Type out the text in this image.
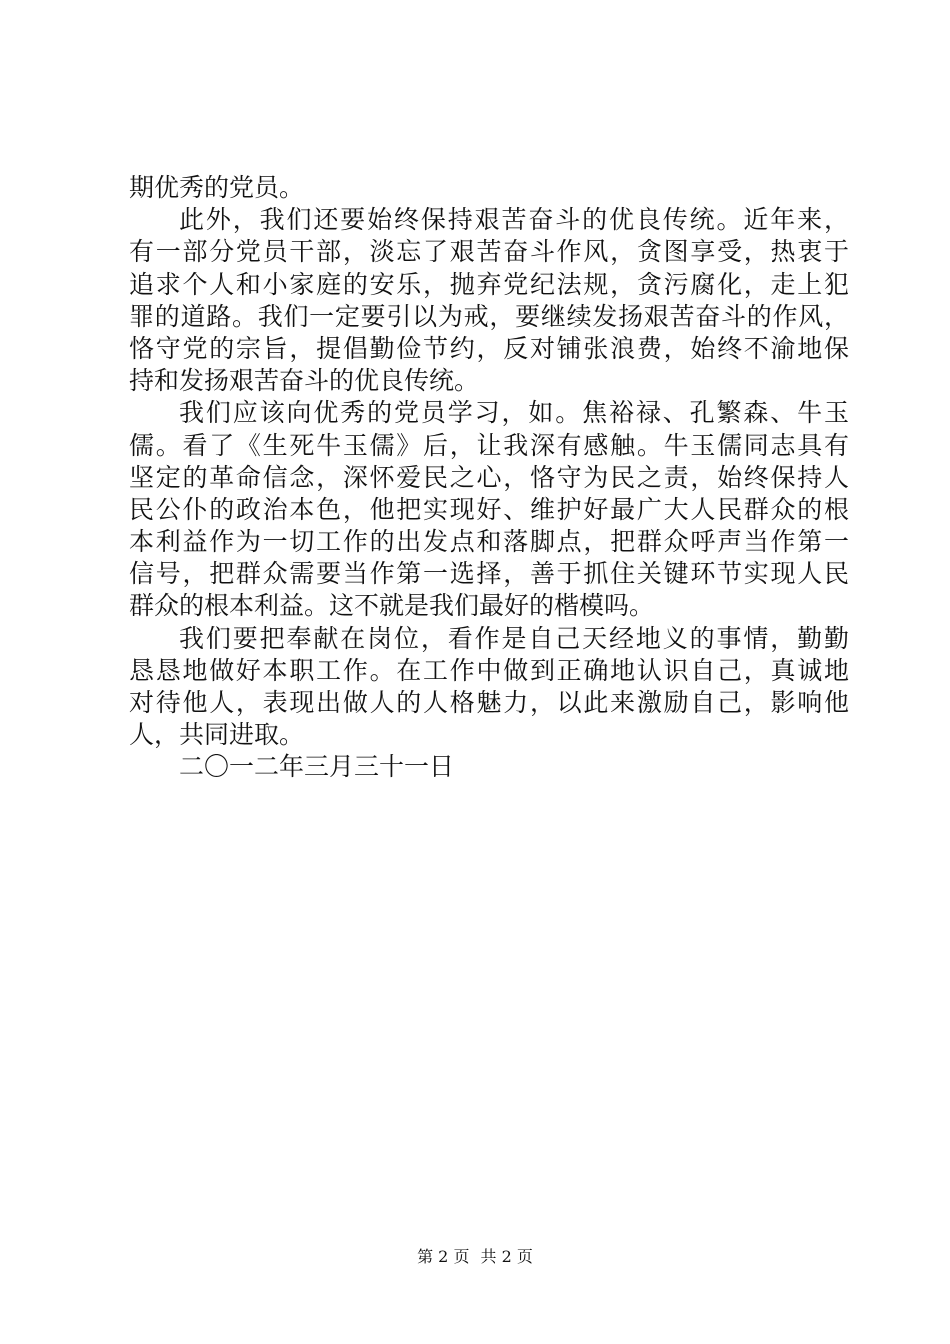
期优秀的党员。
此外，我们还要始终保持艰苦奋斗的优良传统。近年来，
有一部分党员干部，淡忘了艰苦奋斗作风，贪图享受，热衷于
追求个人和小家庭的安乐，抛弃党纪法规，贪污腐化，走上犯
罪的道路。我们一定要引以为戒，要继续发扬艰苦奋斗的作风，
恪守党的宗旨，提倡勤俭节约，反对铺张浪费，始终不渝地保
持和发扬艰苦奋斗的优良传统。
我们应该向优秀的党员学习，如。焦裕禄、孔繁森、牛玉
儒。看了《生死牛玉儒》后，让我深有感触。牛玉儒同志具有
坚定的革命信念，深怀爱民之心，恪守为民之责，始终保持人
民公仆的政治本色，他把实现好、维护好最广大人民群众的根
本利益作为一切工作的出发点和落脚点，把群众呼声当作第一
信号，把群众需要当作第一选择，善于抓住关键环节实现人民
群众的根本利益。这不就是我们最好的楷模吗。
我们要把奉献在岗位，看作是自己天经地义的事情，勤勤
恳恳地做好本职工作。在工作中做到正确地认识自己，真诚地
对待他人，表现出做人的人格魅力，以此来激励自己，影响他
人，共同进取。
二〇一二年三月三十一日
第 2 页 共 2 页
